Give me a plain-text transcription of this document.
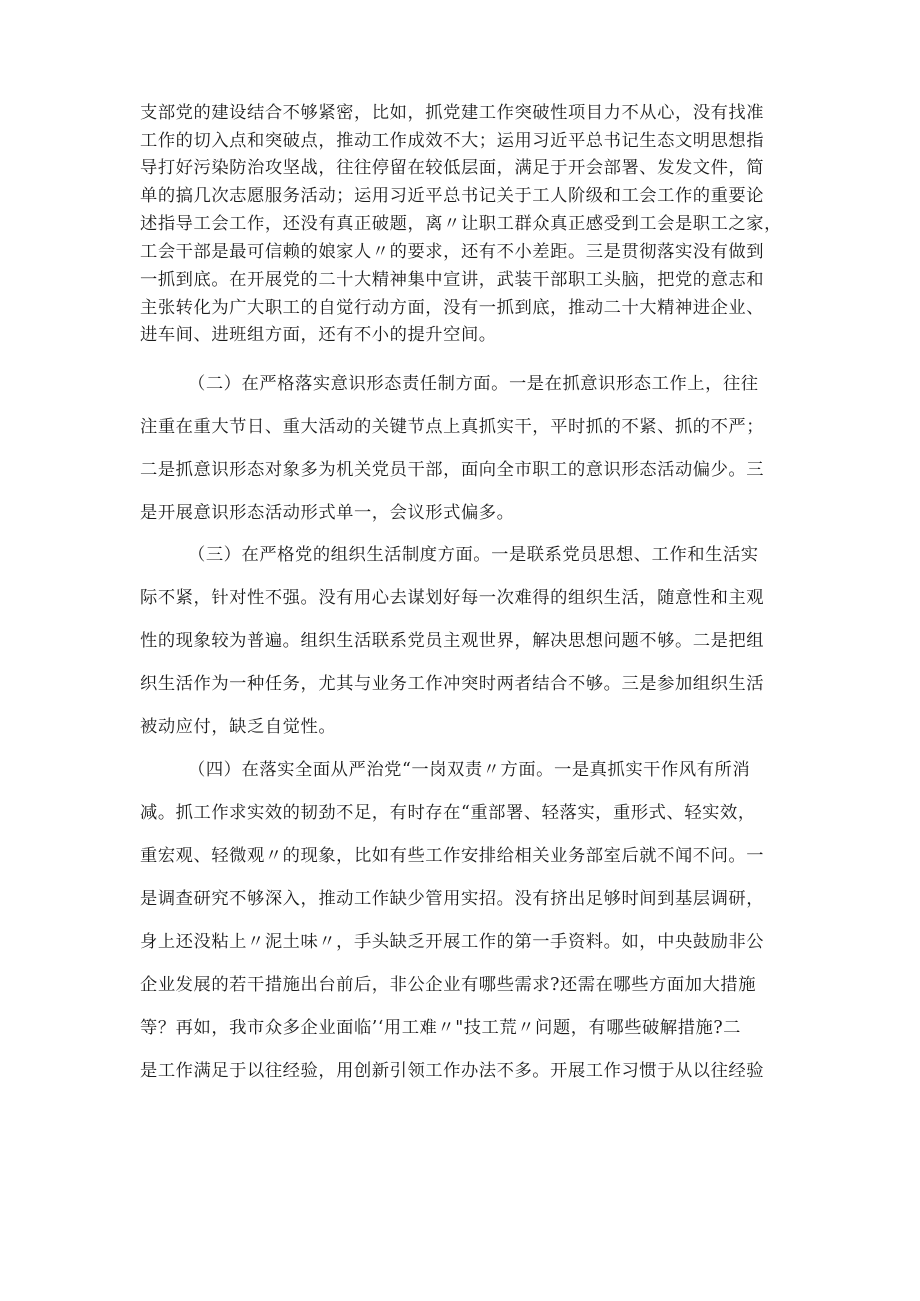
支部党的建设结合不够紧密，比如，抓党建工作突破性项目力不从心，没有找准
工作的切入点和突破点，推动工作成效不大；运用习近平总书记生态文明思想指
导打好污染防治攻坚战，往往停留在较低层面，满足于开会部署、发发文件，简
单的搞几次志愿服务活动；运用习近平总书记关于工人阶级和工会工作的重要论
述指导工会工作，还没有真正破题，离〃让职工群众真正感受到工会是职工之家，
工会干部是最可信赖的娘家人〃的要求，还有不小差距。三是贯彻落实没有做到
一抓到底。在开展党的二十大精神集中宣讲，武装干部职工头脑，把党的意志和
主张转化为广大职工的自觉行动方面，没有一抓到底，推动二十大精神进企业、
进车间、进班组方面，还有不小的提升空间。
（二）在严格落实意识形态责任制方面。一是在抓意识形态工作上，往往
注重在重大节日、重大活动的关键节点上真抓实干，平时抓的不紧、抓的不严；
二是抓意识形态对象多为机关党员干部，面向全市职工的意识形态活动偏少。三
是开展意识形态活动形式单一，会议形式偏多。
（三）在严格党的组织生活制度方面。一是联系党员思想、工作和生活实
际不紧，针对性不强。没有用心去谋划好每一次难得的组织生活，随意性和主观
性的现象较为普遍。组织生活联系党员主观世界，解决思想问题不够。二是把组
织生活作为一种任务，尤其与业务工作冲突时两者结合不够。三是参加组织生活
被动应付，缺乏自觉性。
（四）在落实全面从严治党“一岗双责〃方面。一是真抓实干作风有所消
减。抓工作求实效的韧劲不足，有时存在“重部署、轻落实，重形式、轻实效，
重宏观、轻微观〃的现象，比如有些工作安排给相关业务部室后就不闻不问。一
是调查研究不够深入，推动工作缺少管用实招。没有挤出足够时间到基层调研，
身上还没粘上〃泥土味〃，手头缺乏开展工作的第一手资料。如，中央鼓励非公
企业发展的若干措施出台前后，非公企业有哪些需求?还需在哪些方面加大措施
等？再如，我市众多企业面临’‘用工难〃"技工荒〃问题，有哪些破解措施?二
是工作满足于以往经验，用创新引领工作办法不多。开展工作习惯于从以往经验
